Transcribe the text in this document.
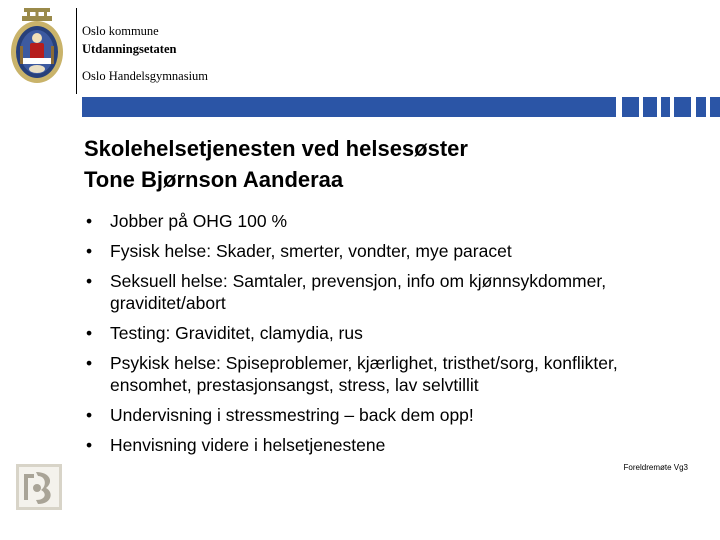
Oslo kommune
Utdanningsetaten
Oslo Handelsgymnasium
Skolehelsetjenesten ved helsesøster
Tone Bjørnson Aanderaa
• Jobber på OHG 100 %
• Fysisk helse: Skader, smerter, vondter, mye paracet
• Seksuell helse: Samtaler, prevensjon, info om kjønnsykdommer, graviditet/abort
• Testing: Graviditet, clamydia, rus
• Psykisk helse: Spiseproblemer, kjærlighet, tristhet/sorg, konflikter, ensomhet, prestasjonsangst, stress, lav selvtillit
• Undervisning i stressmestring – back dem opp!
• Henvisning videre i helsetjenestene
Foreldremøte Vg3
